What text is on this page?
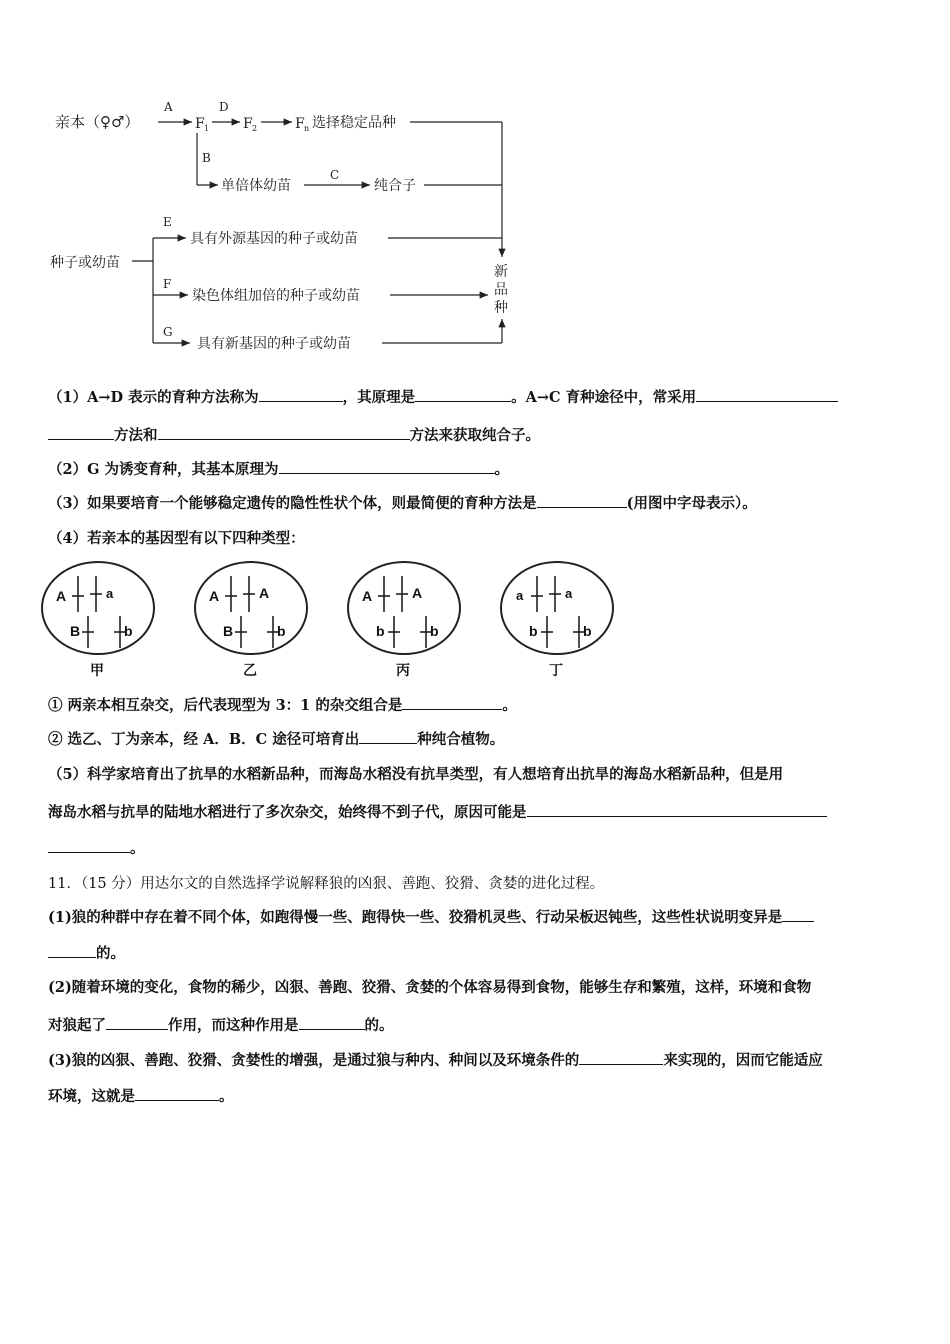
亲本（♀♂）
A
F 1
D
F 2	F n 选择稳定品种
B
单倍体幼苗
C
纯合子
种子或幼苗
E
具有外源基因的种子或幼苗
F
染色体组加倍的种子或幼苗
G
具有新基因的种子或幼苗
新
品
种
（1）A→D 表示的育种方法称为	，其原理是	。A→C 育种途径中，常采用
方法和	方法来获取纯合子。
（2）G 为诱变育种，其基本原理为	。
（3）如果要培育一个能够稳定遗传的隐性性状个体，则最简便的育种方法是	(用图中字母表示）。
（4）若亲本的基因型有以下四种类型：
A	a
B	b
甲
A	A
B	b
乙
A	A
b	b
丙
a	a
b	b
丁
① 两亲本相互杂交，后代表现型为 3：1 的杂交组合是	。
② 选乙、丁为亲本，经 A．B．C 途径可培育出	种纯合植物。
（5）科学家培育出了抗旱的水稻新品种，而海岛水稻没有抗旱类型，有人想培育出抗旱的海岛水稻新品种，但是用
海岛水稻与抗旱的陆地水稻进行了多次杂交，始终得不到子代，原因可能是
。
11．（15 分）用达尔文的自然选择学说解释狼的凶狠、善跑、狡猾、贪婪的进化过程。
(1)狼的种群中存在着不同个体，如跑得慢一些、跑得快一些、狡猾机灵些、行动呆板迟钝些，这些性状说明变异是
的。
(2)随着环境的变化，食物的稀少，凶狠、善跑、狡猾、贪婪的个体容易得到食物，能够生存和繁殖，这样，环境和食物
对狼起了	作用，而这种作用是	的。
(3)狼的凶狠、善跑、狡猾、贪婪性的增强，是通过狼与种内、种间以及环境条件的	来实现的，因而它能适应
环境，这就是	。
